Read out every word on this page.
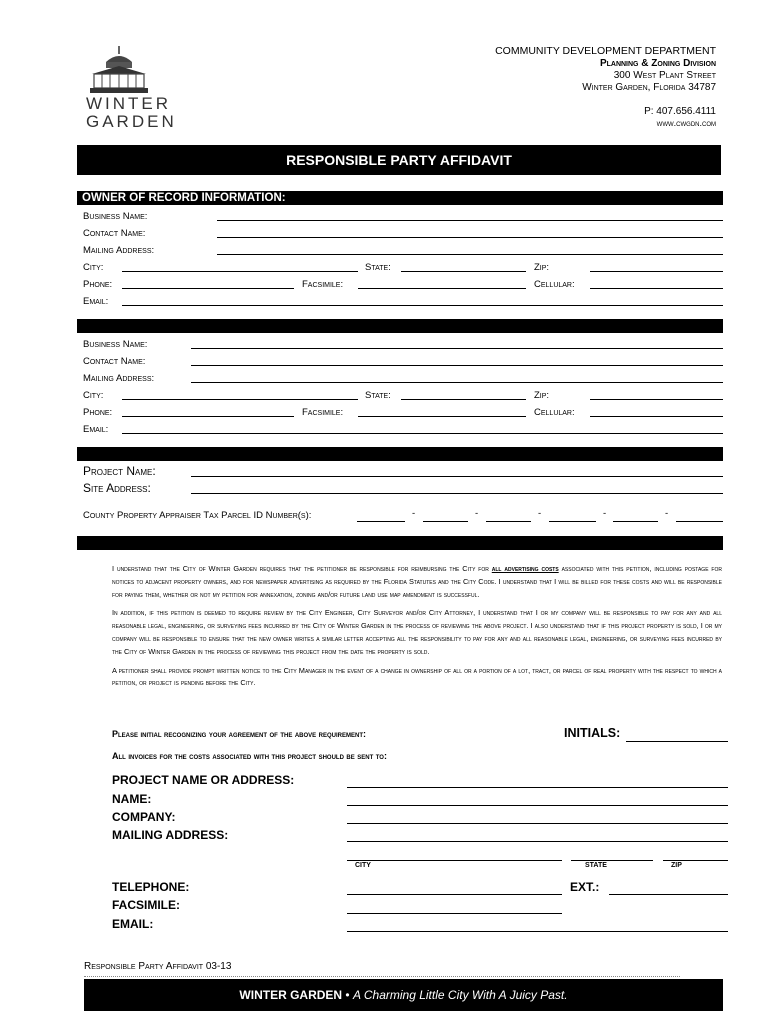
WINTER
GARDEN
COMMUNITY DEVELOPMENT DEPARTMENT
Planning & Zoning Division
300 West Plant Street
Winter Garden, Florida 34787
P: 407.656.4111
www.cwgdn.com
RESPONSIBLE PARTY AFFIDAVIT
OWNER OF RECORD INFORMATION:
Business Name:
Contact Name:
Mailing Address:
City:	State:	Zip:
Phone:	Facsimile:	Cellular:
Email:
Business Name:
Contact Name:
Mailing Address:
City:	State:	Zip:
Phone:	Facsimile:	Cellular:
Email:
Project Name:
Site Address:
County Property Appraiser Tax Parcel ID Number(s):	-	-	-	-	-

I understand that the City of Winter Garden requires that the petitioner be responsible for reimbursing the City for all advertising costs associated with this petition, including postage for notices to adjacent property owners, and for newspaper advertising as required by the Florida Statutes and the City Code. I understand that I will be billed for these costs and will be responsible for paying them, whether or not my petition for annexation, zoning and/or future land use map amendment is successful.

In addition, if this petition is deemed to require review by the City Engineer, City Surveyor and/or City Attorney, I understand that I or my company will be responsible to pay for any and all reasonable legal, engineering, or surveying fees incurred by the City of Winter Garden in the process of reviewing the above project. I also understand that if this project property is sold, I or my company will be responsible to ensure that the new owner writes a similar letter accepting all the responsibility to pay for any and all reasonable legal, engineering, or surveying fees incurred by the City of Winter Garden in the process of reviewing this project from the date the property is sold.

A petitioner shall provide prompt written notice to the City Manager in the event of a change in ownership of all or a portion of a lot, tract, or parcel of real property with the respect to which a petition, or project is pending before the City.

Please initial recognizing your agreement of the above requirement:	INITIALS:
All invoices for the costs associated with this project should be sent to:
PROJECT NAME OR ADDRESS:
NAME:
COMPANY:
MAILING ADDRESS:
CITY	STATE	ZIP
TELEPHONE:	EXT.:
FACSIMILE:
EMAIL:
Responsible Party Affidavit 03-13
WINTER GARDEN • A Charming Little City With A Juicy Past.
